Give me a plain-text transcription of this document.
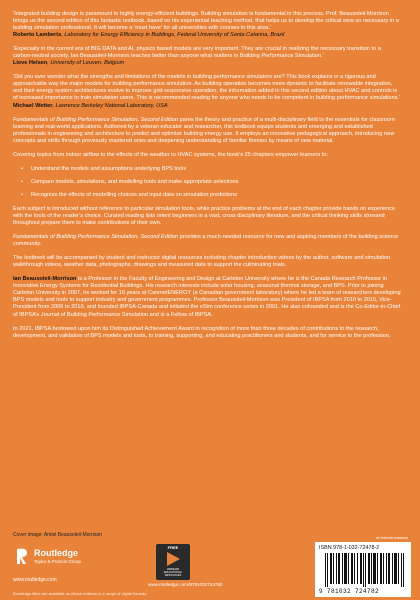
‘Integrated building design is paramount to highly energy-efficient buildings. Building simulation is fundamental in this process. Prof. Beausoleil-Morrison brings us the second edition of this fantastic textbook, based on his experiential teaching method, that helps us to develop the critical view so necessary in a building simulation professional. It will become a ‘must have’ for all universities with courses in this area.’

Roberto Lamberts, Laboratory for Energy Efficiency in Buildings, Federal University of Santa Catarina, Brazil

‘Especially in the current era of BIG DATA and AI, physics based models are very important. They are crucial in realizing the necessary transition to a carbon-neutral society. Ian Beausoleil-Morrison teaches better than anyone what matters in Building Performance Simulation.’

Lieve Helsen, University of Leuven, Belgium

‘Did you ever wonder what the strengths and limitations of the models in building performance simulators are? This book explains in a rigorous and approachable way the major models for building performance simulation. As building operation becomes more dynamic to facilitate renewable integration, and their energy system architectures evolve to improve grid-responsive operation, the information added in this second edition about HVAC and controls is of increased importance to train simulation users. This is recommended reading for anyone who needs to be competent in building performance simulations.’

Michael Wetter, Lawrence Berkeley National Laboratory, USA

Fundamentals of Building Performance Simulation, Second Edition pares the theory and practice of a multi-disciplinary field to the essentials for classroom learning and real-world applications. Authored by a veteran educator and researcher, this textbook equips students and emerging and established professionals in engineering and architecture to predict and optimize building energy use. It employs an innovative pedagogical approach, introducing new concepts and skills through previously mastered ones and deepening understanding of familiar themes by means of new material.

Covering topics from indoor airflow to the effects of the weather to HVAC systems, the book’s 25 chapters empower learners to:

• Understand the models and assumptions underlying BPS tools
• Compare models, simulations, and modelling tools and make appropriate selections
• Recognize the effects of modelling choices and input data on simulation predictions

Each subject is introduced without reference to particular simulation tools, while practice problems at the end of each chapter provide hands on experience with the tools of the reader’s choice. Curated reading lists orient beginners in a vast, cross disciplinary literature, and the critical thinking skills stressed throughout prepare them to make contributions of their own.

Fundamentals of Building Performance Simulation, Second Edition provides a much-needed resource for new and aspiring members of the building science community.

The textbook will be accompanied by student and instructor digital resources including chapter introduction videos by the author, software and simulation walkthrough videos, weather data, photographs, drawings and measured data to support the culminating trials.

Ian Beausoleil-Morrison is a Professor in the Faculty of Engineering and Design at Carleton University where he is the Canada Research Professor in Innovative Energy Systems for Residential Buildings. His research interests include solar housing, seasonal thermal storage, and BPS. Prior to joining Carleton University in 2007, he worked for 16 years at CanmetENERGY (a Canadian government laboratory) where he led a team of researchers developing BPS models and tools to support industry and government programmes. Professor Beausoleil-Morrison was President of IBPSA from 2010 to 2015, Vice-President from 2006 to 2010, and founded IBPSA-Canada and initiated the eSim conference series in 2001. He also cofounded and is the Co-Editor-in-Chief of IBPSA’s Journal of Building Performance Simulation and is a Fellow of IBPSA.

In 2021, IBPSA bestowed upon him its Distinguished Achievement Award in recognition of more than three decades of contributions to the research, development, and validation of BPS models and tools, to training, supporting, and educating practitioners and students, and for service to the profession.

Cover image: Amiel Beausoleil-Morrison
Routledge
Taylor & Francis Group
www.routledge.com
Routledge titles are available as eBook editions in a range of digital formats
FREE
WEBINAR
EDUCATIONAL
RESOURCES
www.routledge.com/9781032724782
an informa business
ISBN 978-1-032-72478-2
9 781032 724782
